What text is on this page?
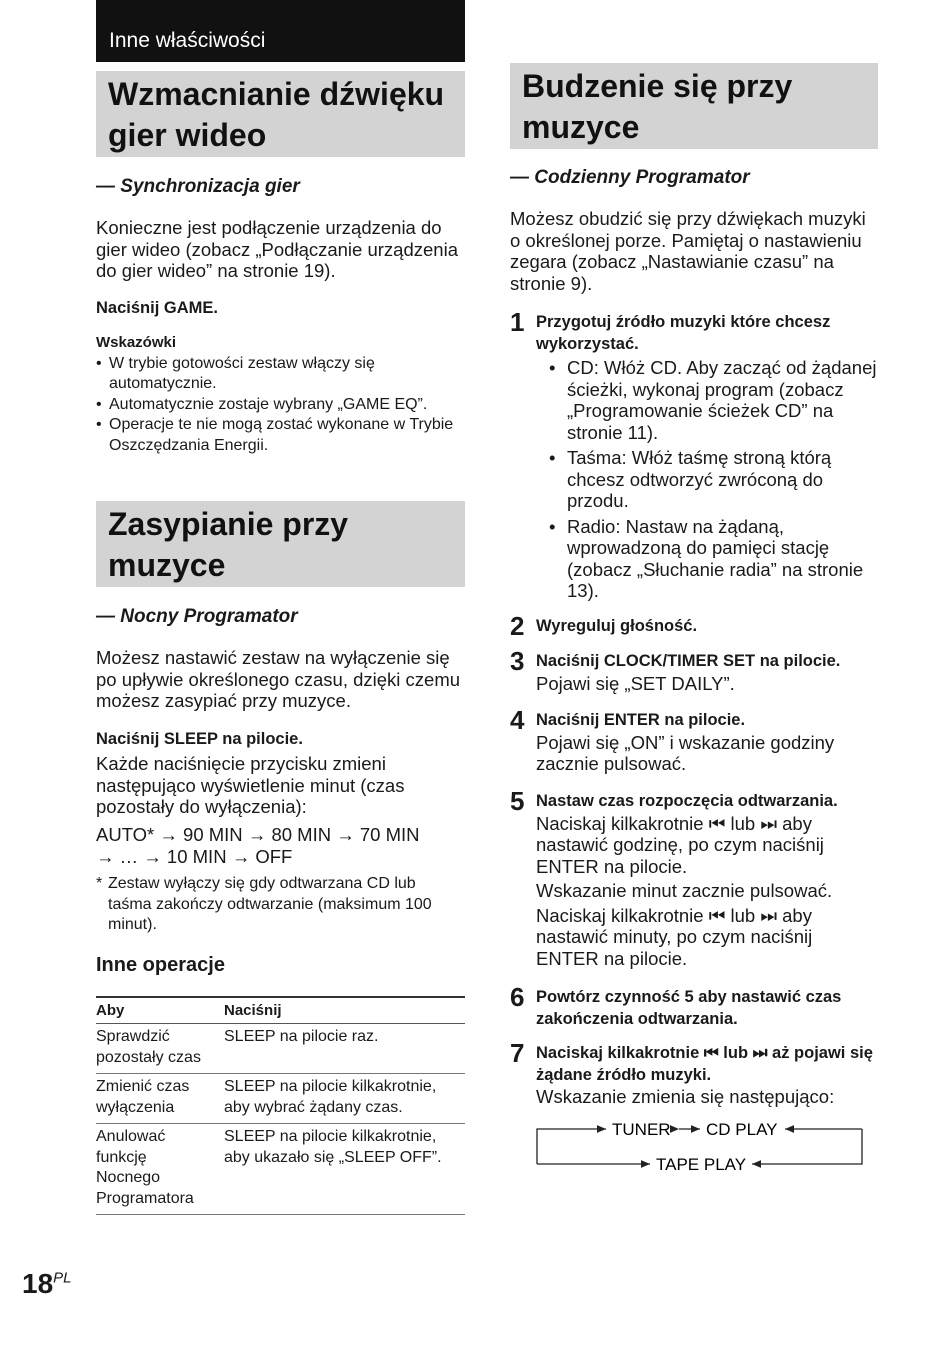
Inne właściwości
Wzmacnianie dźwięku gier wideo
— Synchronizacja gier
Konieczne jest podłączenie urządzenia do gier wideo (zobacz „Podłączanie urządzenia do gier wideo” na stronie 19).
Naciśnij GAME.
Wskazówki
• W trybie gotowości zestaw włączy się automatycznie.
• Automatycznie zostaje wybrany „GAME EQ”.
• Operacje te nie mogą zostać wykonane w Trybie Oszczędzania Energii.
Zasypianie przy muzyce
— Nocny Programator
Możesz nastawić zestaw na wyłączenie się po upływie określonego czasu, dzięki czemu możesz zasypiać przy muzyce.
Naciśnij SLEEP na pilocie.
Każde naciśnięcie przycisku zmieni następująco wyświetlenie minut (czas pozostały do wyłączenia):
AUTO* → 90 MIN → 80 MIN → 70 MIN
→ … → 10 MIN → OFF
* Zestaw wyłączy się gdy odtwarzana CD lub taśma zakończy odtwarzanie (maksimum 100 minut).
Inne operacje
Aby	Naciśnij
Sprawdzić pozostały czas	SLEEP na pilocie raz.
Zmienić czas wyłączenia	SLEEP na pilocie kilkakrotnie, aby wybrać żądany czas.
Anulować funkcję Nocnego Programatora	SLEEP na pilocie kilkakrotnie, aby ukazało się „SLEEP OFF”.
Budzenie się przy muzyce
— Codzienny Programator
Możesz obudzić się przy dźwiękach muzyki o określonej porze. Pamiętaj o nastawieniu zegara (zobacz „Nastawianie czasu” na stronie 9).
1 Przygotuj źródło muzyki które chcesz wykorzystać.
• CD: Włóż CD. Aby zacząć od żądanej ścieżki, wykonaj program (zobacz „Programowanie ścieżek CD” na stronie 11).
• Taśma: Włóż taśmę stroną którą chcesz odtworzyć zwróconą do przodu.
• Radio: Nastaw na żądaną, wprowadzoną do pamięci stację (zobacz „Słuchanie radia” na stronie 13).
2 Wyreguluj głośność.
3 Naciśnij CLOCK/TIMER SET na pilocie.
Pojawi się „SET DAILY”.
4 Naciśnij ENTER na pilocie.
Pojawi się „ON” i wskazanie godziny zacznie pulsować.
5 Nastaw czas rozpoczęcia odtwarzania.
Naciskaj kilkakrotnie ⏮ lub ⏭ aby nastawić godzinę, po czym naciśnij ENTER na pilocie.
Wskazanie minut zacznie pulsować.
Naciskaj kilkakrotnie ⏮ lub ⏭ aby nastawić minuty, po czym naciśnij ENTER na pilocie.
6 Powtórz czynność 5 aby nastawić czas zakończenia odtwarzania.
7 Naciskaj kilkakrotnie ⏮ lub ⏭ aż pojawi się żądane źródło muzyki.
Wskazanie zmienia się następująco:
TUNER CD PLAY
TAPE PLAY
$18^{PL}$
